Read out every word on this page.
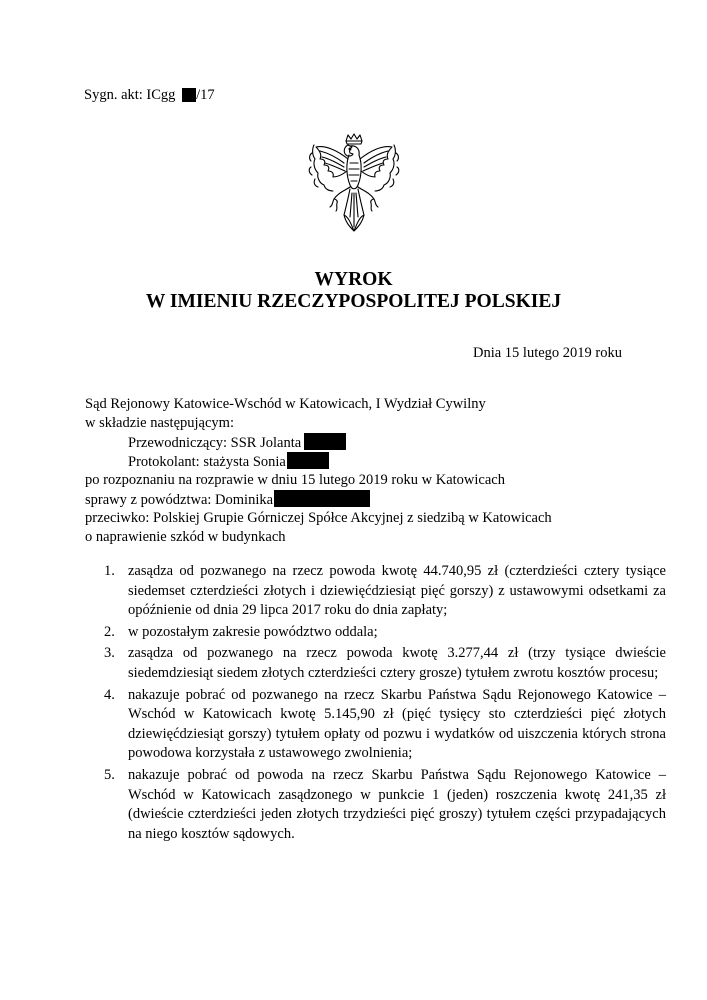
Sygn. akt: ICgg /17
WYROK
W IMIENIU RZECZYPOSPOLITEJ POLSKIEJ
Dnia 15 lutego 2019 roku
Sąd Rejonowy Katowice-Wschód w Katowicach, I Wydział Cywilny
w składzie następującym:
Przewodniczący: SSR Jolanta
Protokolant: stażysta Sonia
po rozpoznaniu na rozprawie w dniu 15 lutego 2019 roku w Katowicach
sprawy z powództwa: Dominika
przeciwko: Polskiej Grupie Górniczej Spółce Akcyjnej z siedzibą w Katowicach
o naprawienie szkód w budynkach
1. zasądza od pozwanego na rzecz powoda kwotę 44.740,95 zł (czterdzieści cztery tysiące siedemset czterdzieści złotych i dziewięćdziesiąt pięć gorszy) z ustawowymi odsetkami za opóźnienie od dnia 29 lipca 2017 roku do dnia zapłaty;
2. w pozostałym zakresie powództwo oddala;
3. zasądza od pozwanego na rzecz powoda kwotę 3.277,44 zł (trzy tysiące dwieście siedemdziesiąt siedem złotych czterdzieści cztery grosze) tytułem zwrotu kosztów procesu;
4. nakazuje pobrać od pozwanego na rzecz Skarbu Państwa Sądu Rejonowego Katowice – Wschód w Katowicach kwotę 5.145,90 zł (pięć tysięcy sto czterdzieści pięć złotych dziewięćdziesiąt gorszy) tytułem opłaty od pozwu i wydatków od uiszczenia których strona powodowa korzystała z ustawowego zwolnienia;
5. nakazuje pobrać od powoda na rzecz Skarbu Państwa Sądu Rejonowego Katowice – Wschód w Katowicach zasądzonego w punkcie 1 (jeden) roszczenia kwotę 241,35 zł (dwieście czterdzieści jeden złotych trzydzieści pięć groszy) tytułem części przypadających na niego kosztów sądowych.
